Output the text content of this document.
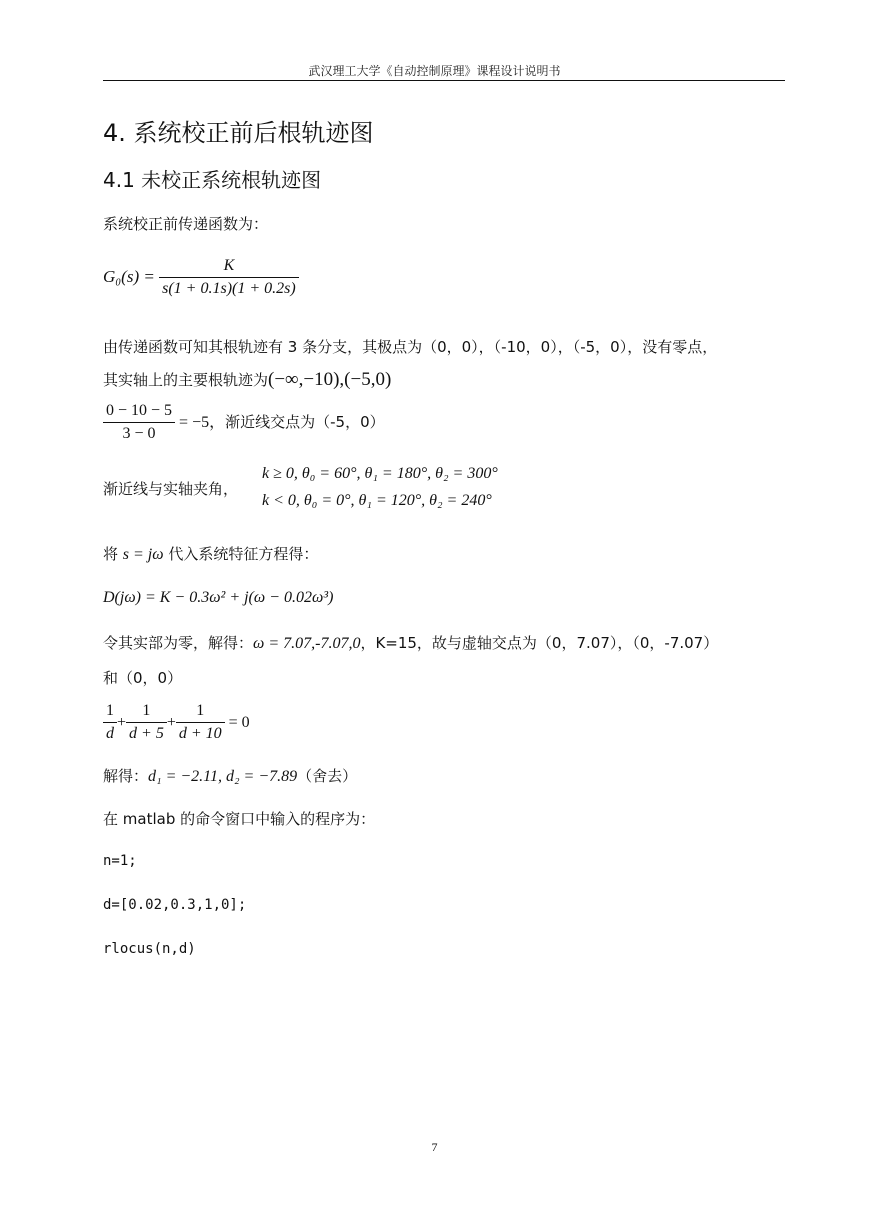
武汉理工大学《自动控制原理》课程设计说明书
4. 系统校正前后根轨迹图
4.1 未校正系统根轨迹图
系统校正前传递函数为：
$G_0(s) = \frac{K}{s(1 + 0.1s)(1 + 0.2s)}$
由传递函数可知其根轨迹有 3 条分支，其极点为（0，0），（-10，0），（-5，0），没有零点，
其实轴上的主要根轨迹为(−∞,−10),(−5,0)
$\frac{0 - 10 - 5}{3 - 0} = -5$，渐近线交点为（-5，0）
渐近线与实轴夹角，
k ≥ 0, θ₀ = 60°, θ₁ = 180°, θ₂ = 300°
k < 0, θ₀ = 0°, θ₁ = 120°, θ₂ = 240°
将 s = jω 代入系统特征方程得：
D(jω) = K − 0.3ω² + j(ω − 0.02ω³)
令其实部为零，解得：ω = 7.07,-7.07,0，K=15，故与虚轴交点为（0，7.07），（0，-7.07）
和（0，0）
$\frac{1}{d} + \frac{1}{d + 5} + \frac{1}{d + 10} = 0$
解得：d₁ = −2.11, d₂ = −7.89（舍去）
在 matlab 的命令窗口中输入的程序为：
n=1;
d=[0.02,0.3,1,0];
rlocus(n,d)
7
